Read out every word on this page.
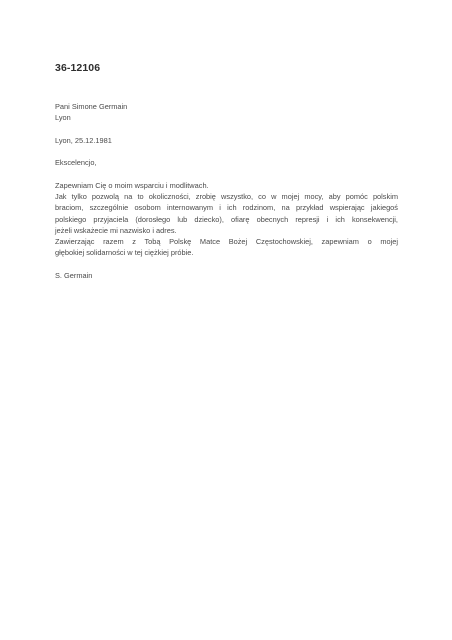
36-12106
Pani Simone Germain
Lyon
Lyon, 25.12.1981
Ekscelencjo,
Zapewniam Cię o moim wsparciu i modlitwach.
Jak tylko pozwolą na to okoliczności, zrobię wszystko, co w mojej mocy, aby pomóc polskim
braciom, szczególnie osobom internowanym i ich rodzinom, na przykład wspierając jakiegoś
polskiego przyjaciela (dorosłego lub dziecko), ofiarę obecnych represji i ich konsekwencji,
jeżeli wskażecie mi nazwisko i adres.
Zawierzając razem z Tobą Polskę Matce Bożej Częstochowskiej, zapewniam o mojej
głębokiej solidarności w tej ciężkiej próbie.
S. Germain
